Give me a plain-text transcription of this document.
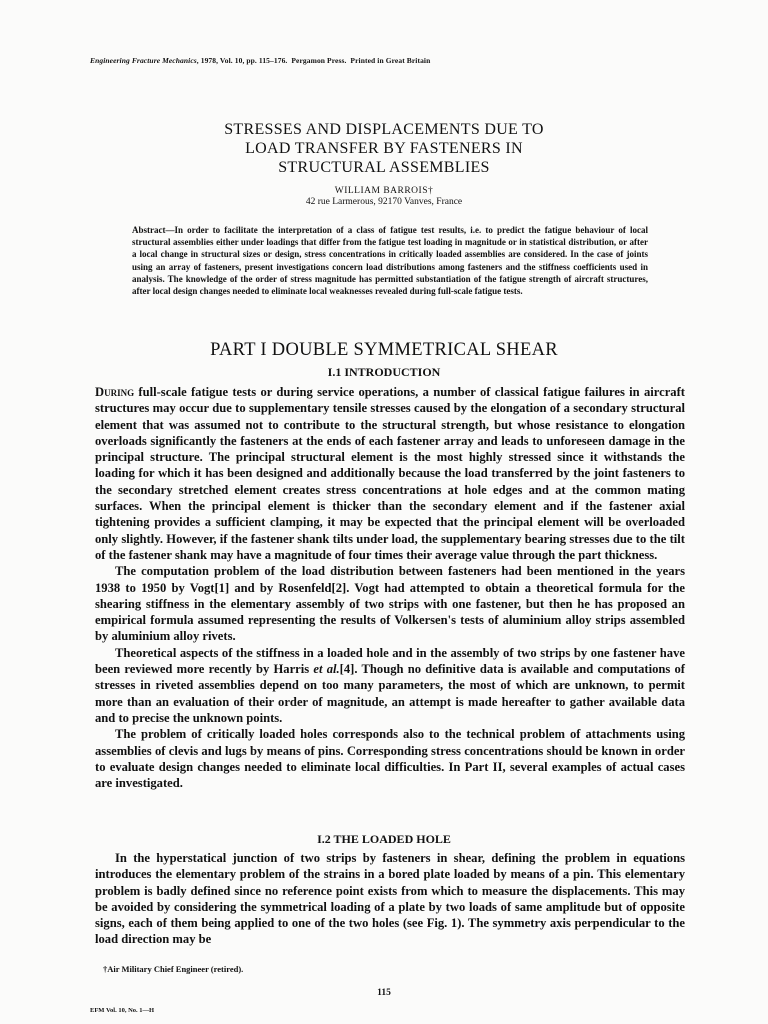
Engineering Fracture Mechanics, 1978, Vol. 10, pp. 115–176. Pergamon Press. Printed in Great Britain
STRESSES AND DISPLACEMENTS DUE TO
LOAD TRANSFER BY FASTENERS IN
STRUCTURAL ASSEMBLIES
WILLIAM BARROIS†
42 rue Larmerous, 92170 Vanves, France
Abstract—In order to facilitate the interpretation of a class of fatigue test results, i.e. to predict the fatigue behaviour of local structural assemblies either under loadings that differ from the fatigue test loading in magnitude or in statistical distribution, or after a local change in structural sizes or design, stress concentrations in critically loaded assemblies are considered. In the case of joints using an array of fasteners, present investigations concern load distributions among fasteners and the stiffness coefficients used in analysis. The knowledge of the order of stress magnitude has permitted substantiation of the fatigue strength of aircraft structures, after local design changes needed to eliminate local weaknesses revealed during full-scale fatigue tests.
PART I DOUBLE SYMMETRICAL SHEAR
I.1 INTRODUCTION

During full-scale fatigue tests or during service operations, a number of classical fatigue failures in aircraft structures may occur due to supplementary tensile stresses caused by the elongation of a secondary structural element that was assumed not to contribute to the structural strength, but whose resistance to elongation overloads significantly the fasteners at the ends of each fastener array and leads to unforeseen damage in the principal structure. The principal structural element is the most highly stressed since it withstands the loading for which it has been designed and additionally because the load transferred by the joint fasteners to the secondary stretched element creates stress concentrations at hole edges and at the common mating surfaces. When the principal element is thicker than the secondary element and if the fastener axial tightening provides a sufficient clamping, it may be expected that the principal element will be overloaded only slightly. However, if the fastener shank tilts under load, the supplementary bearing stresses due to the tilt of the fastener shank may have a magnitude of four times their average value through the part thickness.

The computation problem of the load distribution between fasteners had been mentioned in the years 1938 to 1950 by Vogt[1] and by Rosenfeld[2]. Vogt had attempted to obtain a theoretical formula for the shearing stiffness in the elementary assembly of two strips with one fastener, but then he has proposed an empirical formula assumed representing the results of Volkersen's tests of aluminium alloy strips assembled by aluminium alloy rivets.

Theoretical aspects of the stiffness in a loaded hole and in the assembly of two strips by one fastener have been reviewed more recently by Harris et al.[4]. Though no definitive data is available and computations of stresses in riveted assemblies depend on too many parameters, the most of which are unknown, to permit more than an evaluation of their order of magnitude, an attempt is made hereafter to gather available data and to precise the unknown points.

The problem of critically loaded holes corresponds also to the technical problem of attachments using assemblies of clevis and lugs by means of pins. Corresponding stress concentrations should be known in order to evaluate design changes needed to eliminate local difficulties. In Part II, several examples of actual cases are investigated.

I.2 THE LOADED HOLE

In the hyperstatical junction of two strips by fasteners in shear, defining the problem in equations introduces the elementary problem of the strains in a bored plate loaded by means of a pin. This elementary problem is badly defined since no reference point exists from which to measure the displacements. This may be avoided by considering the symmetrical loading of a plate by two loads of same amplitude but of opposite signs, each of them being applied to one of the two holes (see Fig. 1). The symmetry axis perpendicular to the load direction may be

†Air Military Chief Engineer (retired).
115
EFM Vol. 10, No. 1—H
